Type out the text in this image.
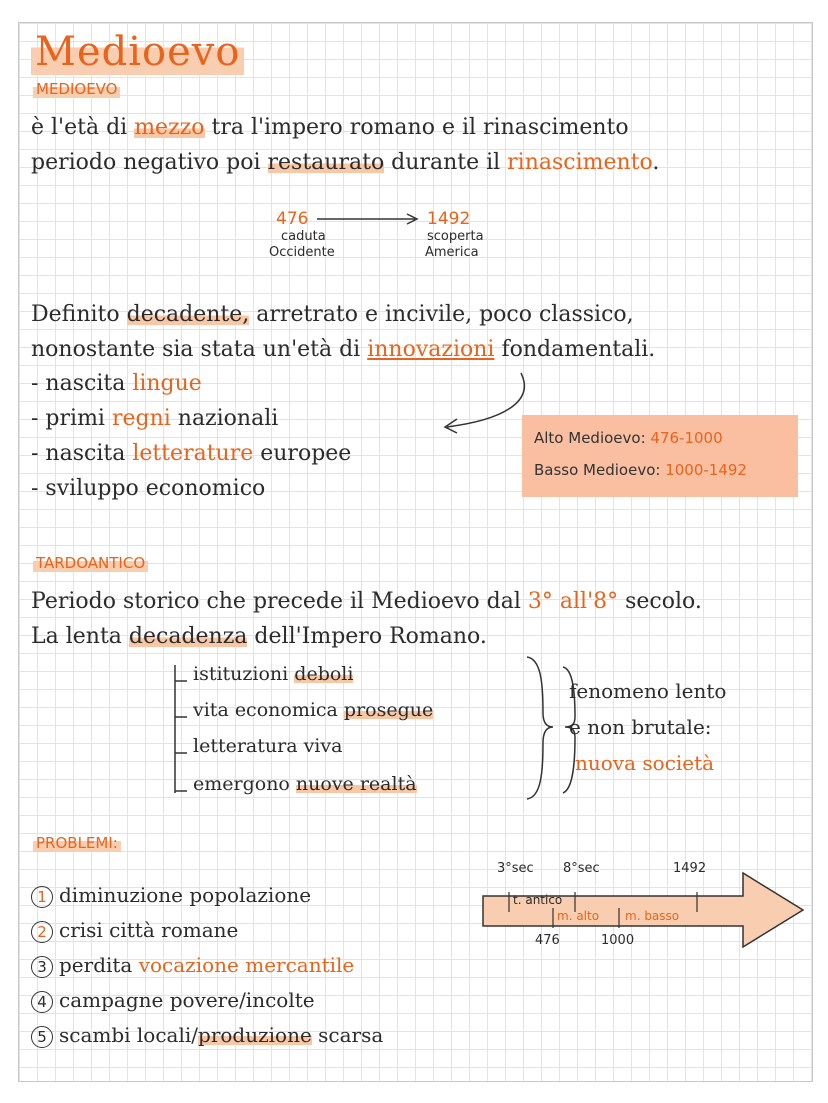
Medioevo
MEDIOEVO
è l'età di mezzo tra l'impero romano e il rinascimento
periodo negativo poi restaurato durante il rinascimento.
476	1492
caduta
Occidente
scoperta
America
Definito decadente, arretrato e incivile, poco classico,
nonostante sia stata un'età di innovazioni fondamentali.
- nascita lingue
- primi regni nazionali
- nascita letterature europee
- sviluppo economico
Alto Medioevo: 476-1000
Basso Medioevo: 1000-1492
TARDOANTICO
Periodo storico che precede il Medioevo dal 3° all'8° secolo.
La lenta decadenza dell'Impero Romano.
istituzioni deboli
vita economica prosegue
letteratura viva
emergono nuove realtà
fenomeno lento
e non brutale:
nuova società
PROBLEMI:
1 diminuzione popolazione
2 crisi città romane
3 perdita vocazione mercantile
4 campagne povere/incolte
5 scambi locali/produzione scarsa
3°sec 8°sec	1492
t. antico
m. alto m. basso
476	1000
